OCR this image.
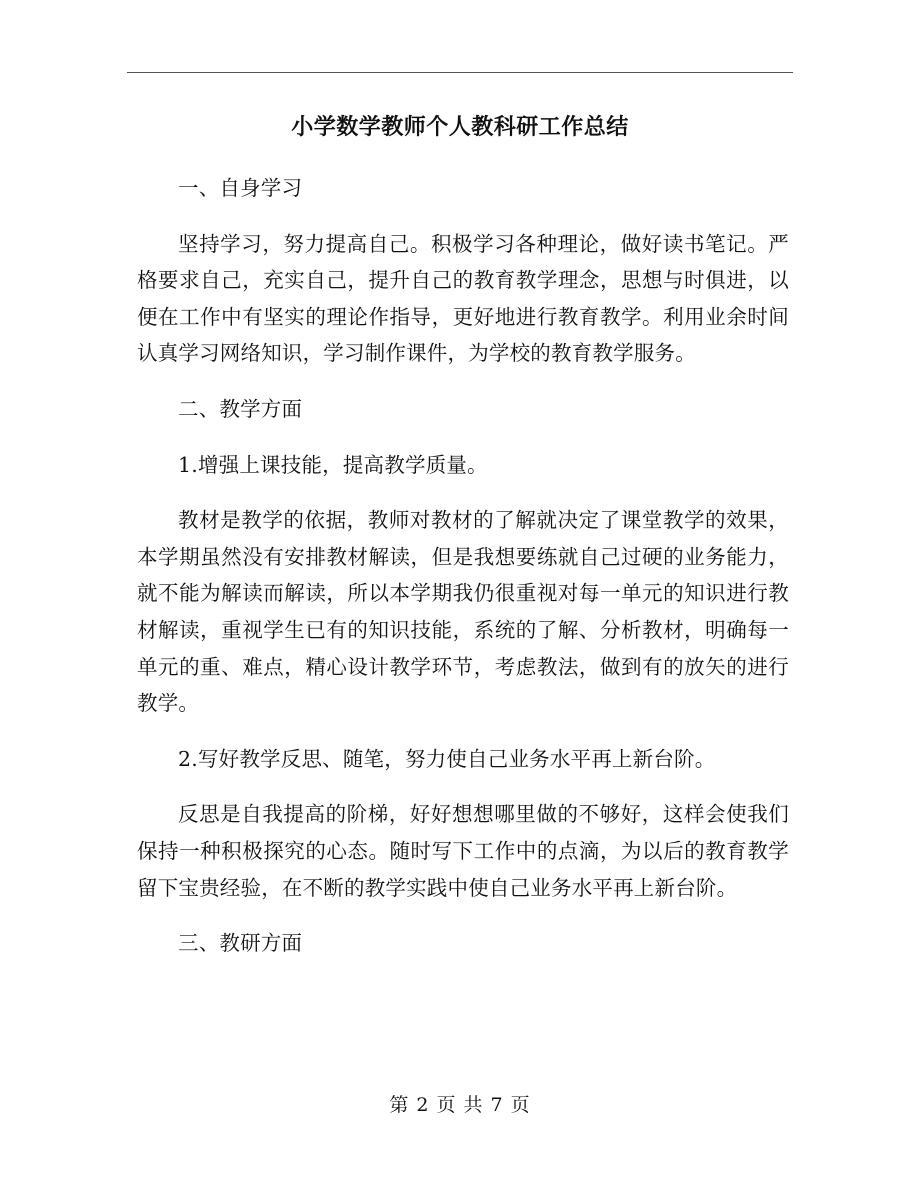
小学数学教师个人教科研工作总结

一、自身学习

坚持学习，努力提高自己。积极学习各种理论，做好读书笔记。严格要求自己，充实自己，提升自己的教育教学理念，思想与时俱进，以便在工作中有坚实的理论作指导，更好地进行教育教学。利用业余时间认真学习网络知识，学习制作课件，为学校的教育教学服务。

二、教学方面

1.增强上课技能，提高教学质量。

教材是教学的依据，教师对教材的了解就决定了课堂教学的效果，本学期虽然没有安排教材解读，但是我想要练就自己过硬的业务能力，就不能为解读而解读，所以本学期我仍很重视对每一单元的知识进行教材解读，重视学生已有的知识技能，系统的了解、分析教材，明确每一单元的重、难点，精心设计教学环节，考虑教法，做到有的放矢的进行教学。

2.写好教学反思、随笔，努力使自己业务水平再上新台阶。

反思是自我提高的阶梯，好好想想哪里做的不够好，这样会使我们保持一种积极探究的心态。随时写下工作中的点滴，为以后的教育教学留下宝贵经验，在不断的教学实践中使自己业务水平再上新台阶。

三、教研方面

第 2 页 共 7 页
